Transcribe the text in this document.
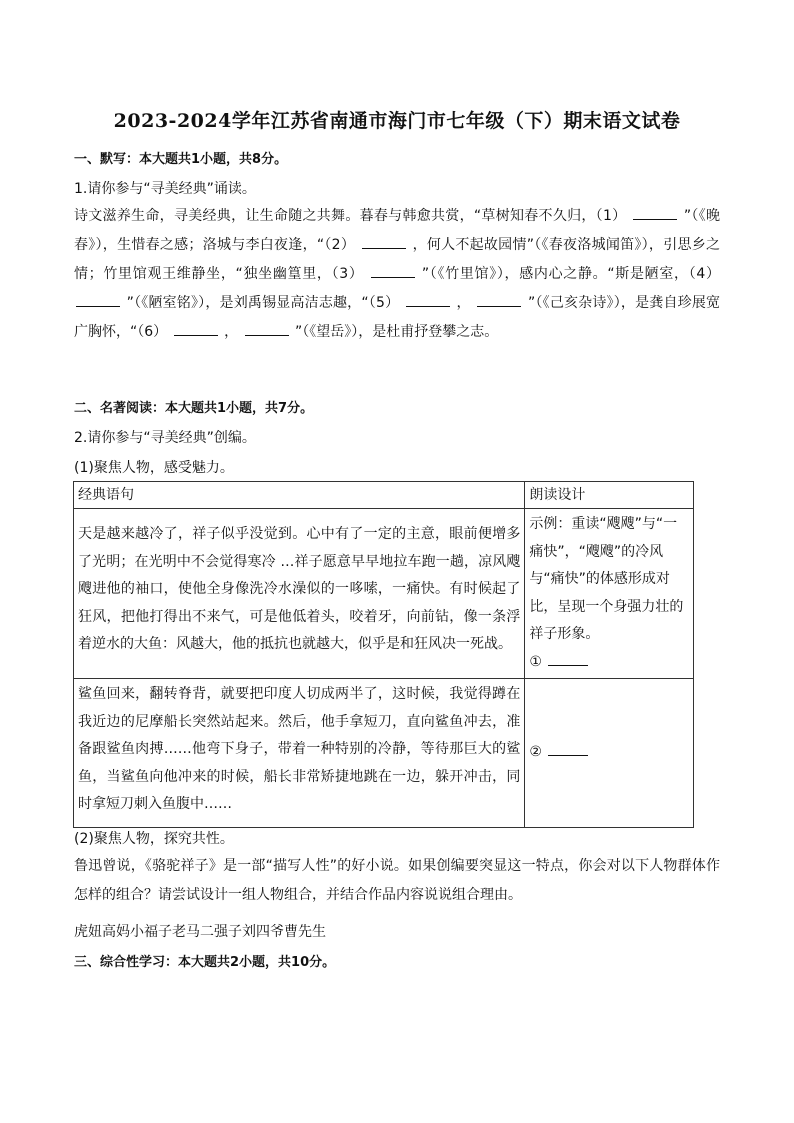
2023-2024学年江苏省南通市海门市七年级（下）期末语文试卷
一、默写：本大题共1小题，共8分。
1.请你参与“寻美经典”诵读。
诗文滋养生命，寻美经典，让生命随之共舞。暮春与韩愈共赏，“草树知春不久归，（1）	”（《晚春》），生惜春之感；洛城与李白夜逢，“（2）	，何人不起故园情”（《春夜洛城闻笛》），引思乡之情；竹里馆观王维静坐，“独坐幽篁里，（3）	”（《竹里馆》），感内心之静。“斯是陋室，（4）  ”（《陋室铭》），是刘禹锡显高洁志趣，“（5）	，	”（《己亥杂诗》），是龚自珍展宽广胸怀，“（6）	，	”（《望岳》），是杜甫抒登攀之志。
二、名著阅读：本大题共1小题，共7分。
2.请你参与“寻美经典”创编。
(1)聚焦人物，感受魅力。
经典语句	朗读设计
天是越来越冷了，祥子似乎没觉到。心中有了一定的主意，眼前便增多了光明；在光明中不会觉得寒冷 …祥子愿意早早地拉车跑一趟，凉风飕飕进他的袖口，使他全身像洗冷水澡似的一哆嗦，一痛快。有时候起了狂风，把他打得出不来气，可是他低着头，咬着牙，向前钻，像一条浮着逆水的大鱼：风越大，他的抵抗也就越大，似乎是和狂风决一死战。	示例：重读“飕飕”与“一痛快”，“飕飕”的冷风与“痛快”的体感形成对比，呈现一个身强力壮的祥子形象。
①

鲨鱼回来，翻转脊背，就要把印度人切成两半了，这时候，我觉得蹲在我近边的尼摩船长突然站起来。然后，他手拿短刀，直向鲨鱼冲去，准备跟鲨鱼肉搏……他弯下身子，带着一种特别的冷静，等待那巨大的鲨鱼，当鲨鱼向他冲来的时候，船长非常矫捷地跳在一边，躲开冲击，同时拿短刀刺入鱼腹中……	②
(2)聚焦人物，探究共性。
鲁迅曾说，《骆驼祥子》是一部“描写人性”的好小说。如果创编要突显这一特点，你会对以下人物群体作怎样的组合？请尝试设计一组人物组合，并结合作品内容说说组合理由。
虎妞高妈小福子老马二强子刘四爷曹先生
三、综合性学习：本大题共2小题，共10分。
